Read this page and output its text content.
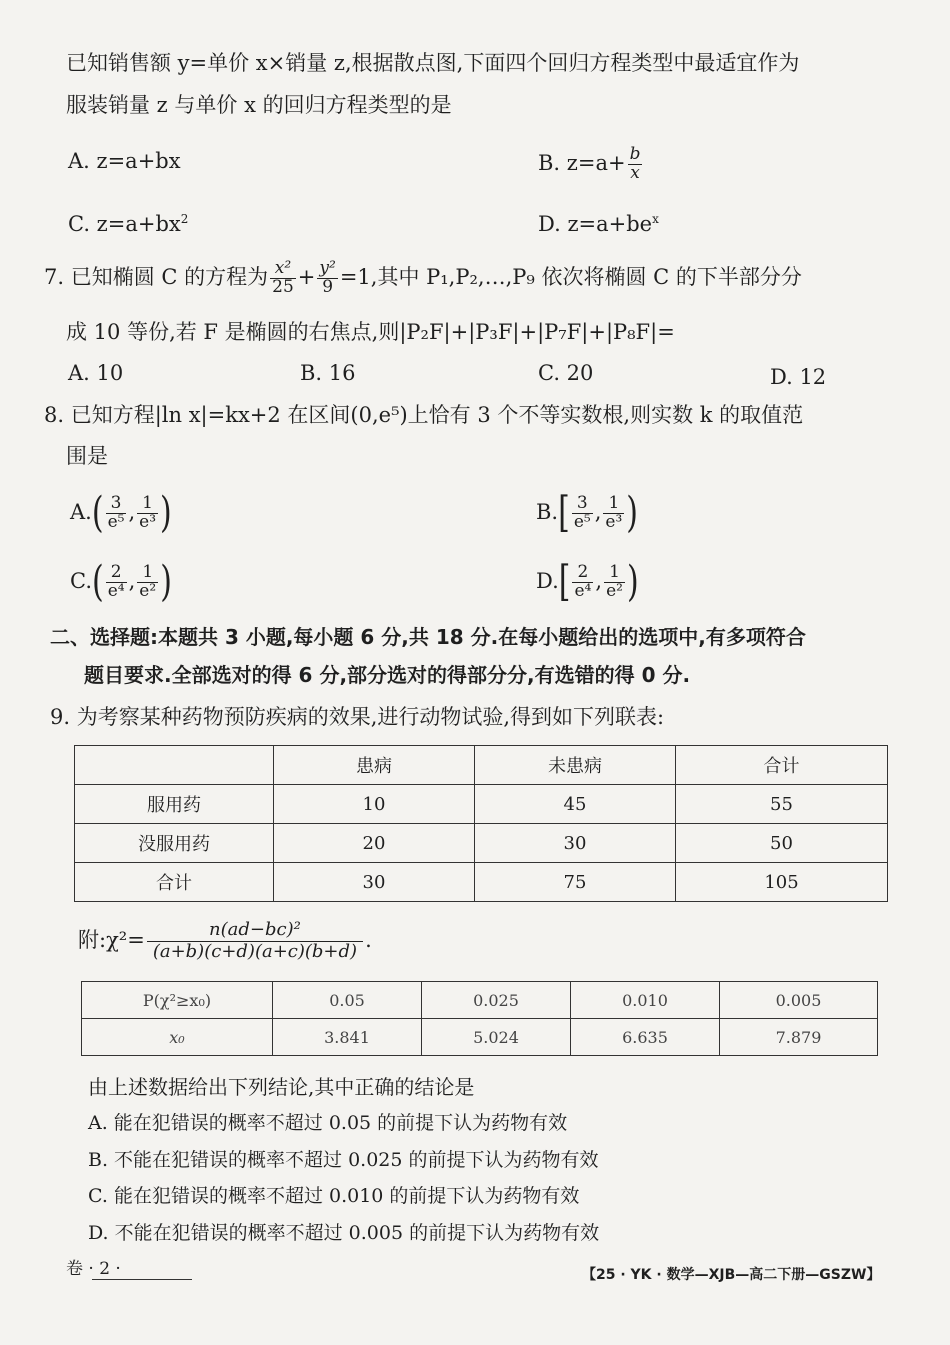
已知销售额 y=单价 x×销量 z,根据散点图,下面四个回归方程类型中最适宜作为
服装销量 z 与单价 x 的回归方程类型的是
A. z=a+bx	B. $z=a+ \frac{b}{x}$
C. $z=a+bx^2$	D. $z=a+be^x$
7. 已知椭圆 C 的方程为 $\frac{\text{x²}}{25} + \frac{\text{y²}}{9} =1$,其中 P₁,P₂,…,P₉ 依次将椭圆 C 的下半部分分
成 10 等份,若 F 是椭圆的右焦点,则|P₂F|+|P₃F|+|P₇F|+|P₈F|=
A. 10	B. 16	C. 20	D. 12
8. 已知方程|ln x|=kx+2 在区间(0,e⁵)上恰有 3 个不等实数根,则实数 k 的取值范
围是
$A.( \frac{3}{\text{e⁵}}$ , $\frac{1}{\text{e³}}$ )	$B.[ \frac{3}{\text{e⁵}}$ , $\frac{1}{\text{e³}}$ )
$C.( \frac{2}{\text{e⁴}}$ , $\frac{1}{\text{e²}}$ )	$D.[ \frac{2}{\text{e⁴}}$ , $\frac{1}{\text{e²}}$ )
二、选择题:本题共 3 小题,每小题 6 分,共 18 分.在每小题给出的选项中,有多项符合
题目要求.全部选对的得 6 分,部分选对的得部分分,有选错的得 0 分.
9. 为考察某种药物预防疾病的效果,进行动物试验,得到如下列联表:
	患病	未患病	合计
服用药	10	45	55
没服用药	20	30	50
合计	30	75	105
附:χ²= $\frac{\text{n(ad−bc)²}}{(a+b)(c+d)(a+c)(b+d)}$ .
P(χ²≥x₀)	0.05	0.025	0.010	0.005
x₀	3.841	5.024	6.635	7.879
由上述数据给出下列结论,其中正确的结论是
A. 能在犯错误的概率不超过 0.05 的前提下认为药物有效
B. 不能在犯错误的概率不超过 0.025 的前提下认为药物有效
C. 能在犯错误的概率不超过 0.010 的前提下认为药物有效
D. 不能在犯错误的概率不超过 0.005 的前提下认为药物有效
卷 · 2 ·	【25 · YK · 数学—XJB—高二下册—GSZW】
